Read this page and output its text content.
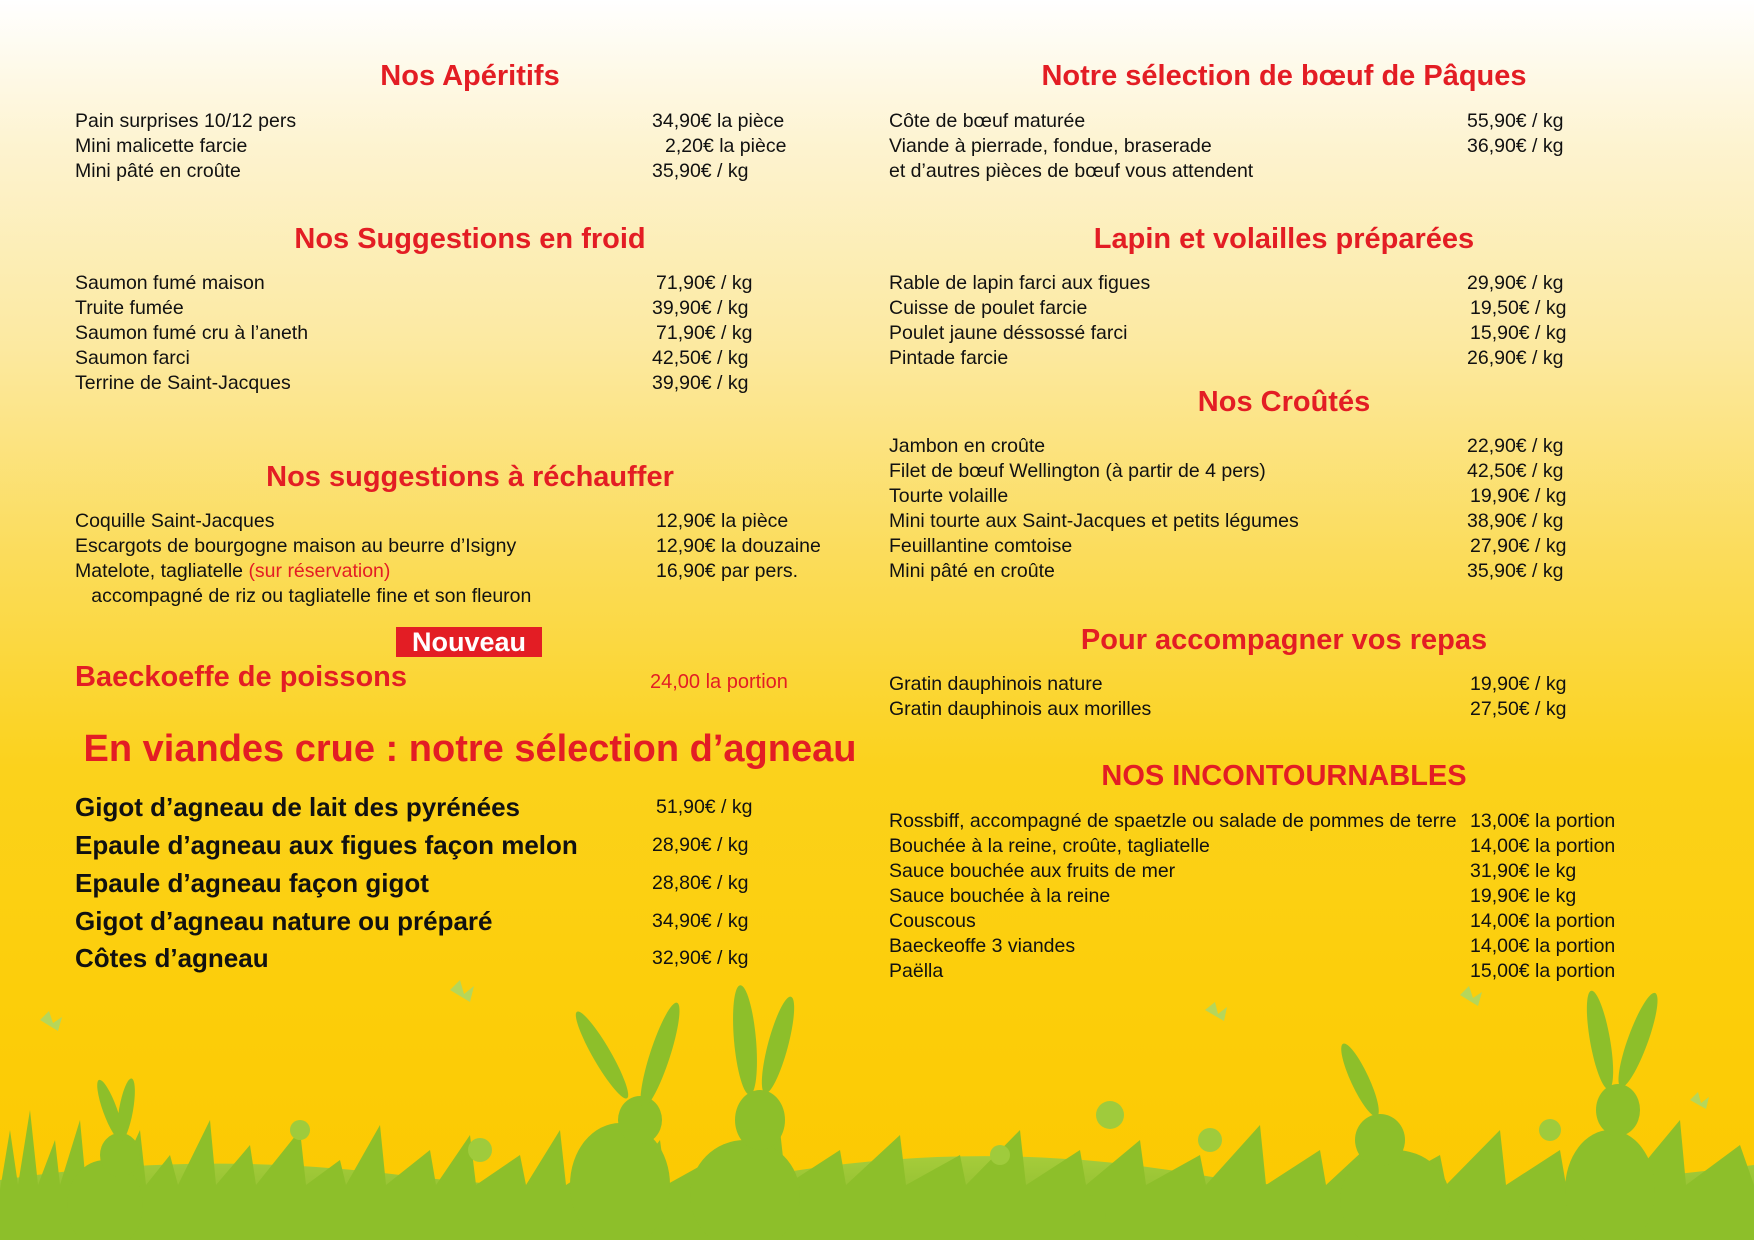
Nos Apéritifs
Pain surprises 10/12 pers	34,90€ la pièce
Mini malicette farcie	2,20€ la pièce
Mini pâté en croûte	35,90€ / kg
Nos Suggestions en froid
Saumon fumé maison	71,90€ / kg
Truite fumée	39,90€ / kg
Saumon fumé cru à l’aneth	71,90€ / kg
Saumon farci	42,50€ / kg
Terrine de Saint-Jacques	39,90€ / kg
Nos suggestions à réchauffer
Coquille Saint-Jacques	12,90€ la pièce
Escargots de bourgogne maison au beurre d’Isigny	12,90€ la douzaine
Matelote, tagliatelle (sur réservation)	16,90€ par pers.
accompagné de riz ou tagliatelle fine et son fleuron
Nouveau
Baeckoeffe de poissons	24,00 la portion
En viandes crue : notre sélection d’agneau
Gigot d’agneau de lait des pyrénées	51,90€ / kg
Epaule d’agneau aux figues façon melon	28,90€ / kg
Epaule d’agneau façon gigot	28,80€ / kg
Gigot d’agneau nature ou préparé	34,90€ / kg
Côtes d’agneau	32,90€ / kg
Notre sélection de bœuf de Pâques
Côte de bœuf maturée	55,90€ / kg
Viande à pierrade, fondue, braserade	36,90€ / kg
et d’autres pièces de bœuf vous attendent
Lapin et volailles préparées
Rable de lapin farci aux figues	29,90€ / kg
Cuisse de poulet farcie	19,50€ / kg
Poulet jaune déssossé farci	15,90€ / kg
Pintade farcie	26,90€ / kg
Nos Croûtés
Jambon en croûte	22,90€ / kg
Filet de bœuf Wellington (à partir de 4 pers)	42,50€ / kg
Tourte volaille	19,90€ / kg
Mini tourte aux Saint-Jacques et petits légumes	38,90€ / kg
Feuillantine comtoise	27,90€ / kg
Mini pâté en croûte	35,90€ / kg
Pour accompagner vos repas
Gratin dauphinois nature	19,90€ / kg
Gratin dauphinois aux morilles	27,50€ / kg
NOS INCONTOURNABLES
Rossbiff, accompagné de spaetzle ou salade de pommes de terre 13,00€ la portion
Bouchée à la reine, croûte, tagliatelle	14,00€ la portion
Sauce bouchée aux fruits de mer	31,90€ le kg
Sauce bouchée à la reine	19,90€ le kg
Couscous	14,00€ la portion
Baeckeoffe 3 viandes	14,00€ la portion
Paëlla	15,00€ la portion
